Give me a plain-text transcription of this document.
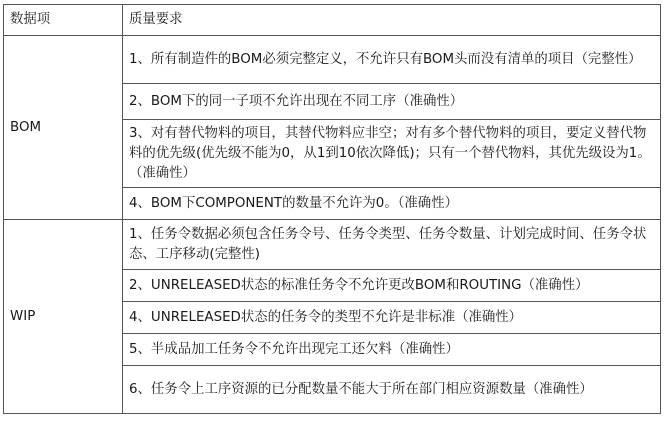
数据项	质量要求
BOM	1、所有制造件的BOM必须完整定义，不允许只有BOM头而没有清单的项目（完整性）
	2、BOM下的同一子项不允许出现在不同工序（准确性）
	3、对有替代物料的项目，其替代物料应非空；对有多个替代物料的项目，要定义替代物料的优先级(优先级不能为0，从1到10依次降低)；只有一个替代物料，其优先级设为1。（准确性）
	4、BOM下COMPONENT的数量不允许为0。（准确性）
WIP	1、任务令数据必须包含任务令号、任务令类型、任务令数量、计划完成时间、任务令状态、工序移动(完整性)
	2、UNRELEASED状态的标准任务令不允许更改BOM和ROUTING（准确性）
	4、UNRELEASED状态的任务令的类型不允许是非标准（准确性）
	5、半成品加工任务令不允许出现完工还欠料（准确性）
	6、任务令上工序资源的已分配数量不能大于所在部门相应资源数量（准确性）
